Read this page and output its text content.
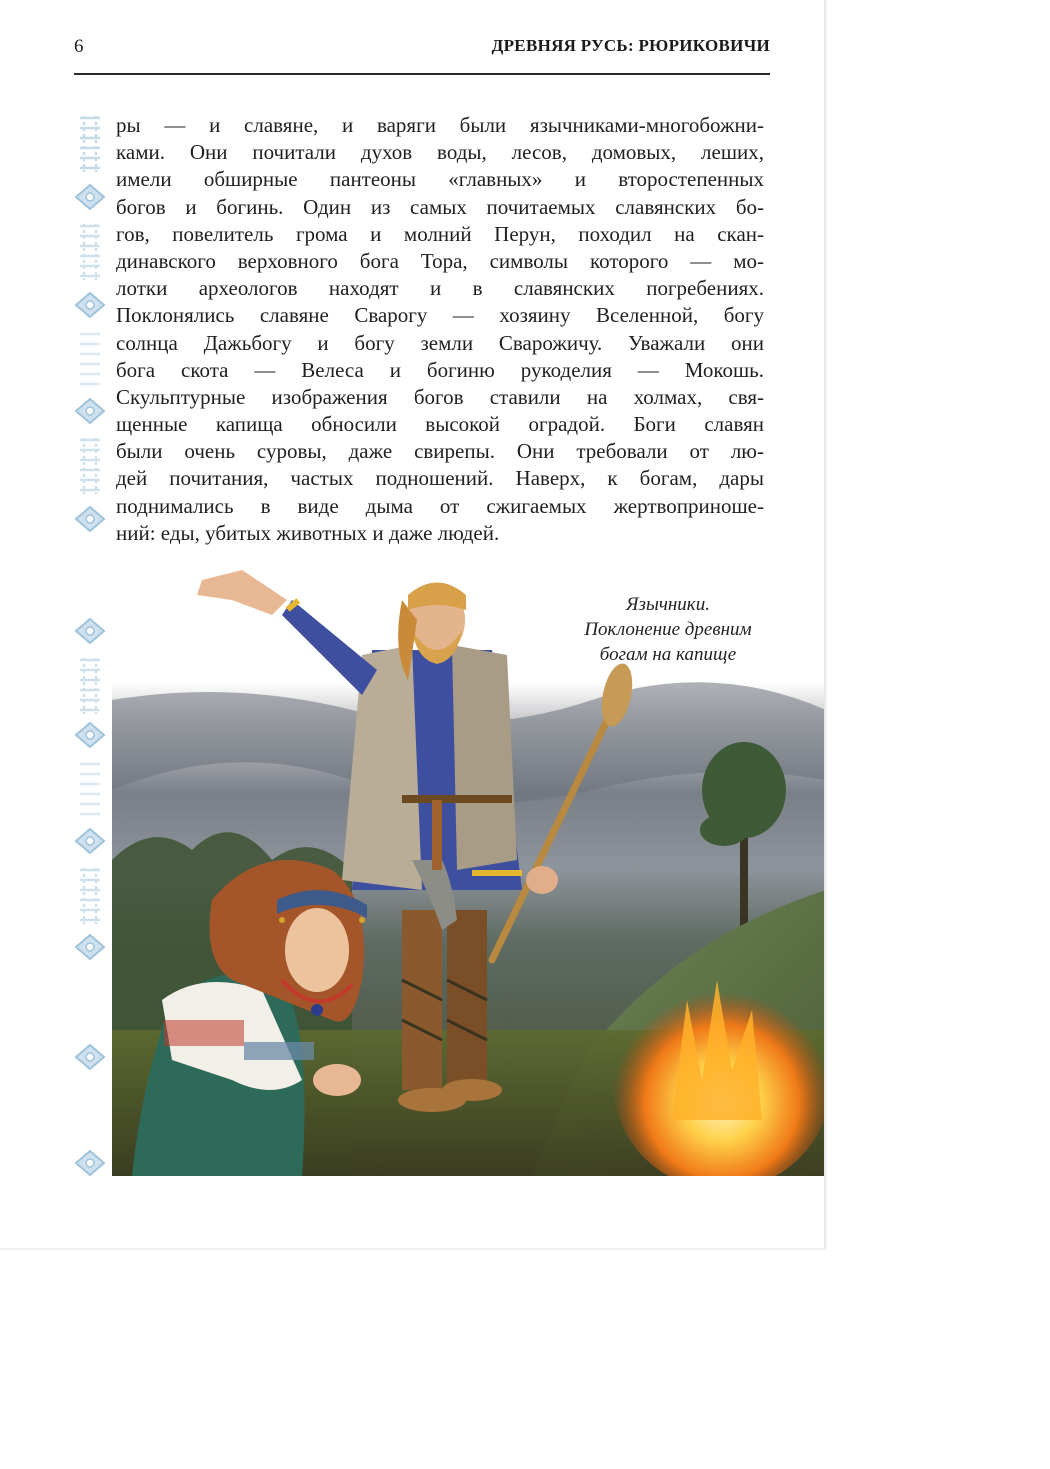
6	ДРЕВНЯЯ РУСЬ: РЮРИКОВИЧИ
ры — и славяне, и варяги были язычниками-многобожни-
ками. Они почитали духов воды, лесов, домовых, леших,
имели обширные пантеоны «главных» и второстепенных
богов и богинь. Один из самых почитаемых славянских бо-
гов, повелитель грома и молний Перун, походил на скан-
динавского верховного бога Тора, символы которого — мо-
лотки археологов находят и в славянских погребениях.
Поклонялись славяне Сварогу — хозяину Вселенной, богу
солнца Дажьбогу и богу земли Сварожичу. Уважали они
бога скота — Велеса и богиню рукоделия — Мокошь.
Скульптурные изображения богов ставили на холмах, свя-
щенные капища обносили высокой оградой. Боги славян
были очень суровы, даже свирепы. Они требовали от лю-
дей почитания, частых подношений. Наверх, к богам, дары
поднимались в виде дыма от сжигаемых жертвоприноше-
ний: еды, убитых животных и даже людей.
Язычники.
Поклонение древним
богам на капище
